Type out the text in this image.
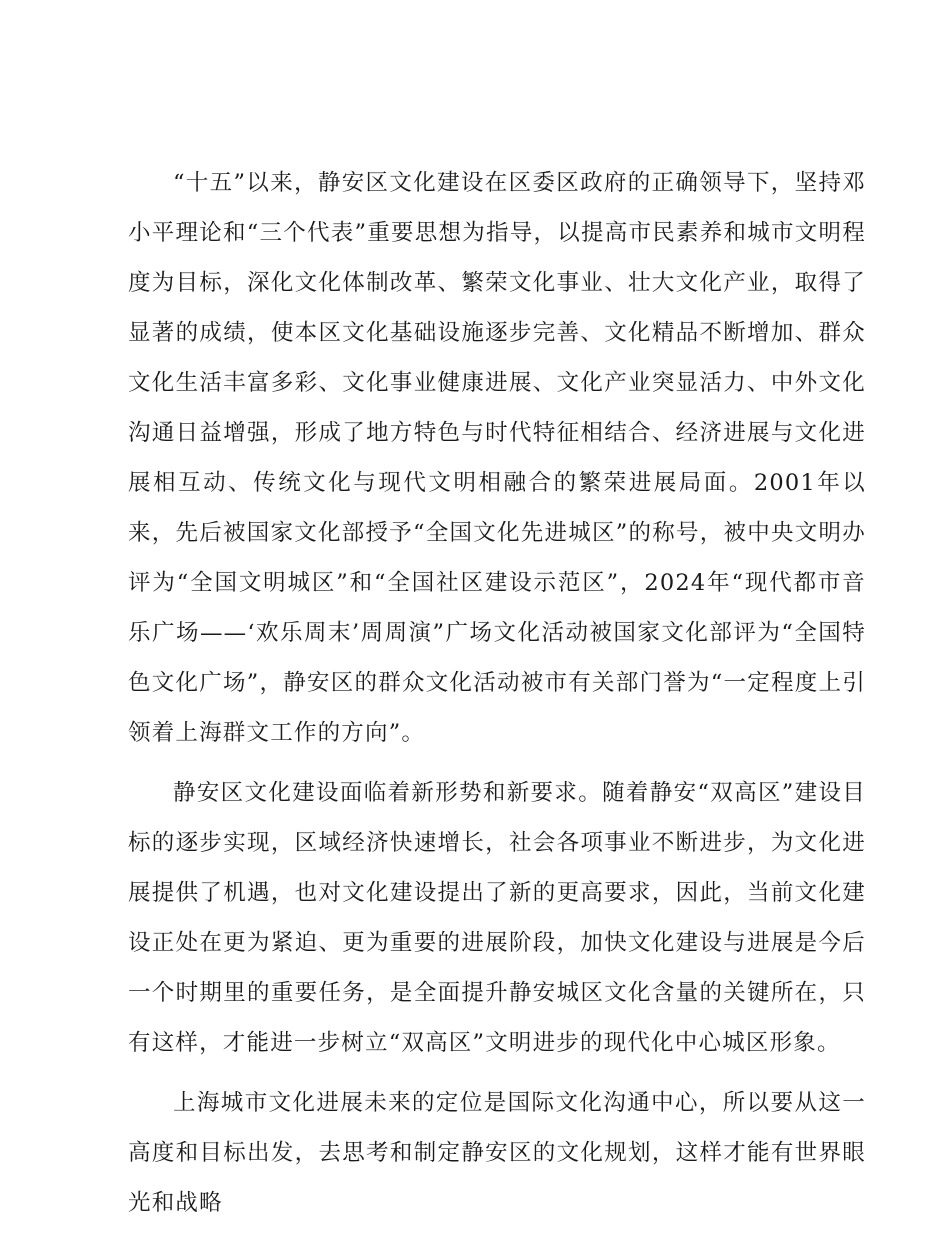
“十五”以来，静安区文化建设在区委区政府的正确领导下，坚持邓小平理论和“三个代表”重要思想为指导，以提高市民素养和城市文明程度为目标，深化文化体制改革、繁荣文化事业、壮大文化产业，取得了显著的成绩，使本区文化基础设施逐步完善、文化精品不断增加、群众文化生活丰富多彩、文化事业健康进展、文化产业突显活力、中外文化沟通日益增强，形成了地方特色与时代特征相结合、经济进展与文化进展相互动、传统文化与现代文明相融合的繁荣进展局面。2001年以来，先后被国家文化部授予“全国文化先进城区”的称号，被中央文明办评为“全国文明城区”和“全国社区建设示范区”，2024年“现代都市音乐广场——‘欢乐周末’周周演”广场文化活动被国家文化部评为“全国特色文化广场”，静安区的群众文化活动被市有关部门誉为“一定程度上引领着上海群文工作的方向”。

静安区文化建设面临着新形势和新要求。随着静安“双高区”建设目标的逐步实现，区域经济快速增长，社会各项事业不断进步，为文化进展提供了机遇，也对文化建设提出了新的更高要求，因此，当前文化建设正处在更为紧迫、更为重要的进展阶段，加快文化建设与进展是今后一个时期里的重要任务，是全面提升静安城区文化含量的关键所在，只有这样，才能进一步树立“双高区”文明进步的现代化中心城区形象。

上海城市文化进展未来的定位是国际文化沟通中心，所以要从这一高度和目标出发，去思考和制定静安区的文化规划，这样才能有世界眼光和战略
